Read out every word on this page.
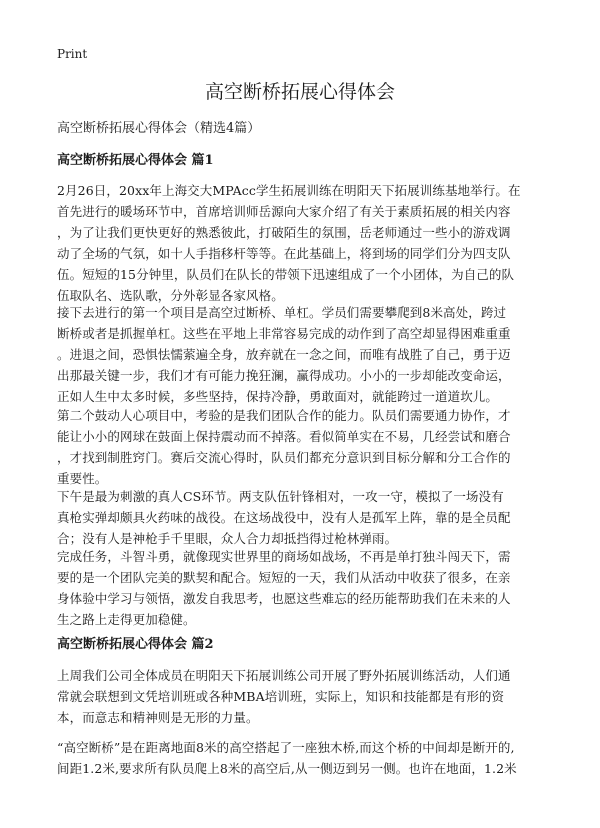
Print
高空断桥拓展心得体会
高空断桥拓展心得体会（精选4篇）
高空断桥拓展心得体会 篇1

2月26日，20xx年上海交大MPAcc学生拓展训练在明阳天下拓展训练基地举行。在
首先进行的暖场环节中，首席培训师岳源向大家介绍了有关于素质拓展的相关内容
，为了让我们更快更好的熟悉彼此，打破陌生的氛围，岳老师通过一些小的游戏调
动了全场的气氛，如十人手指移杆等等。在此基础上，将到场的同学们分为四支队
伍。短短的15分钟里，队员们在队长的带领下迅速组成了一个小团体，为自己的队
伍取队名、选队歌，分外彰显各家风格。

接下去进行的第一个项目是高空过断桥、单杠。学员们需要攀爬到8米高处，跨过
断桥或者是抓握单杠。这些在平地上非常容易完成的动作到了高空却显得困难重重
。进退之间，恐惧怯懦萦遍全身，放弃就在一念之间，而唯有战胜了自己，勇于迈
出那最关键一步，我们才有可能力挽狂澜，赢得成功。小小的一步却能改变命运，
正如人生中太多时候，多些坚持，保持冷静，勇敢面对，就能跨过一道道坎儿。

第二个鼓动人心项目中，考验的是我们团队合作的能力。队员们需要通力协作，才
能让小小的网球在鼓面上保持震动而不掉落。看似简单实在不易，几经尝试和磨合
，才找到制胜窍门。赛后交流心得时，队员们都充分意识到目标分解和分工合作的
重要性。

下午是最为刺激的真人CS环节。两支队伍针锋相对，一攻一守，模拟了一场没有
真枪实弹却颇具火药味的战役。在这场战役中，没有人是孤军上阵，靠的是全员配
合；没有人是神枪手千里眼，众人合力却抵挡得过枪林弹雨。

完成任务，斗智斗勇，就像现实世界里的商场如战场，不再是单打独斗闯天下，需
要的是一个团队完美的默契和配合。短短的一天，我们从活动中收获了很多，在亲
身体验中学习与领悟，激发自我思考，也愿这些难忘的经历能帮助我们在未来的人
生之路上走得更加稳健。

高空断桥拓展心得体会 篇2

上周我们公司全体成员在明阳天下拓展训练公司开展了野外拓展训练活动，人们通
常就会联想到文凭培训班或各种MBA培训班，实际上，知识和技能都是有形的资
本，而意志和精神则是无形的力量。

“高空断桥”是在距离地面8米的高空搭起了一座独木桥,而这个桥的中间却是断开的,
间距1.2米,要求所有队员爬上8米的高空后,从一侧迈到另一侧。也许在地面，1.2米
